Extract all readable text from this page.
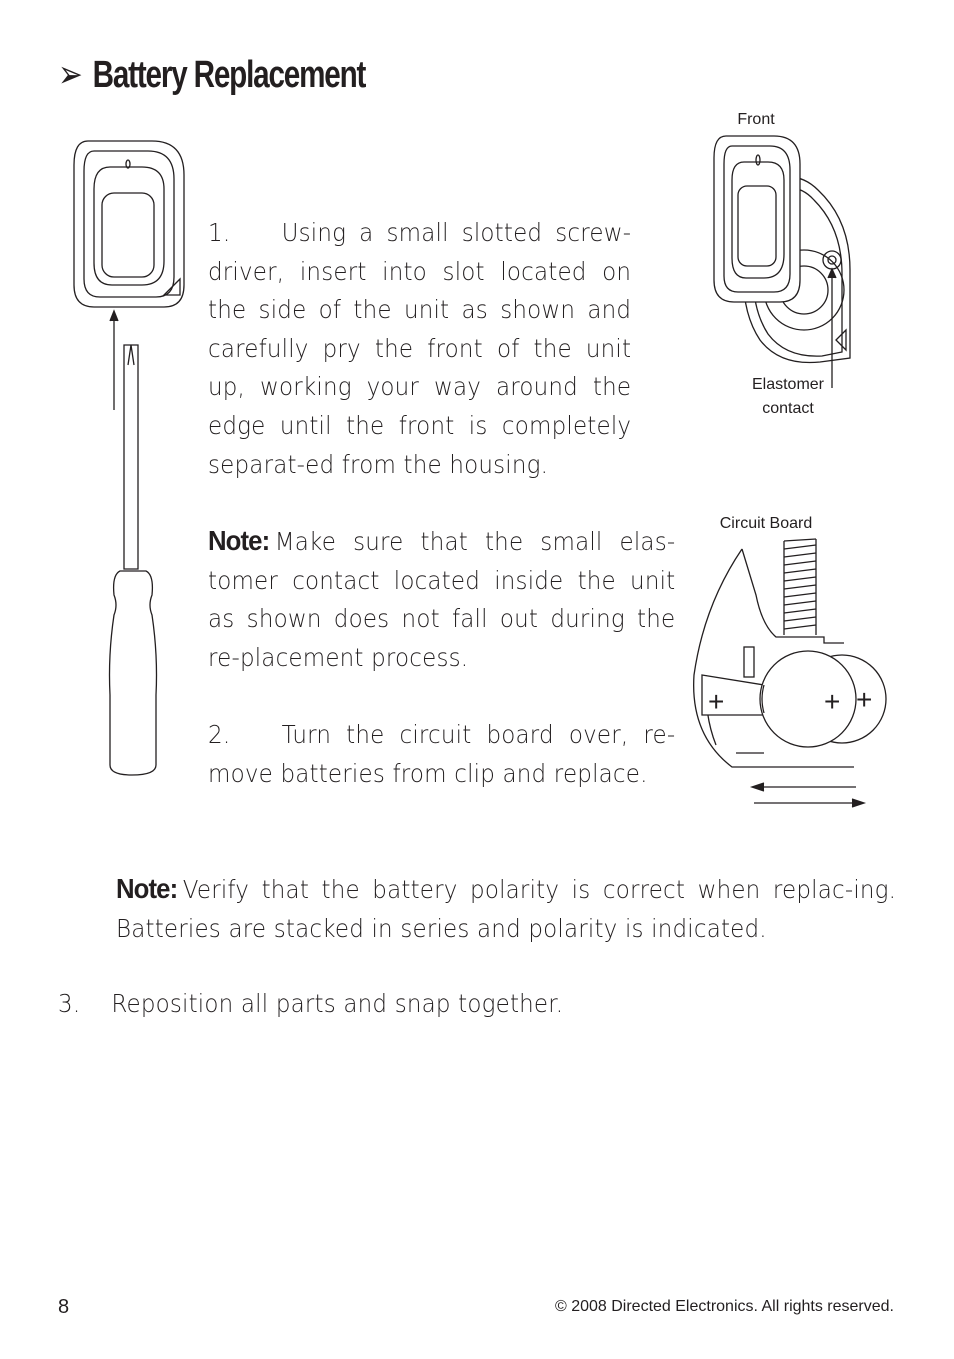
➢ Battery Replacement
1. Using a small slotted screw-driver, insert into slot located on the side of the unit as shown and carefully pry the front of the unit up, working your way around the edge until the front is completely separat-ed from the housing.
Note: Make sure that the small elas-tomer contact located inside the unit as shown does not fall out during the re-placement process.
2. Turn the circuit board over, re-move batteries from clip and replace.
Note: Verify that the battery polarity is correct when replac-ing. Batteries are stacked in series and polarity is indicated.
3. Reposition all parts and snap together.
Front
Elastomer
contact
Circuit Board
+	+ +
8	© 2008 Directed Electronics. All rights reserved.
